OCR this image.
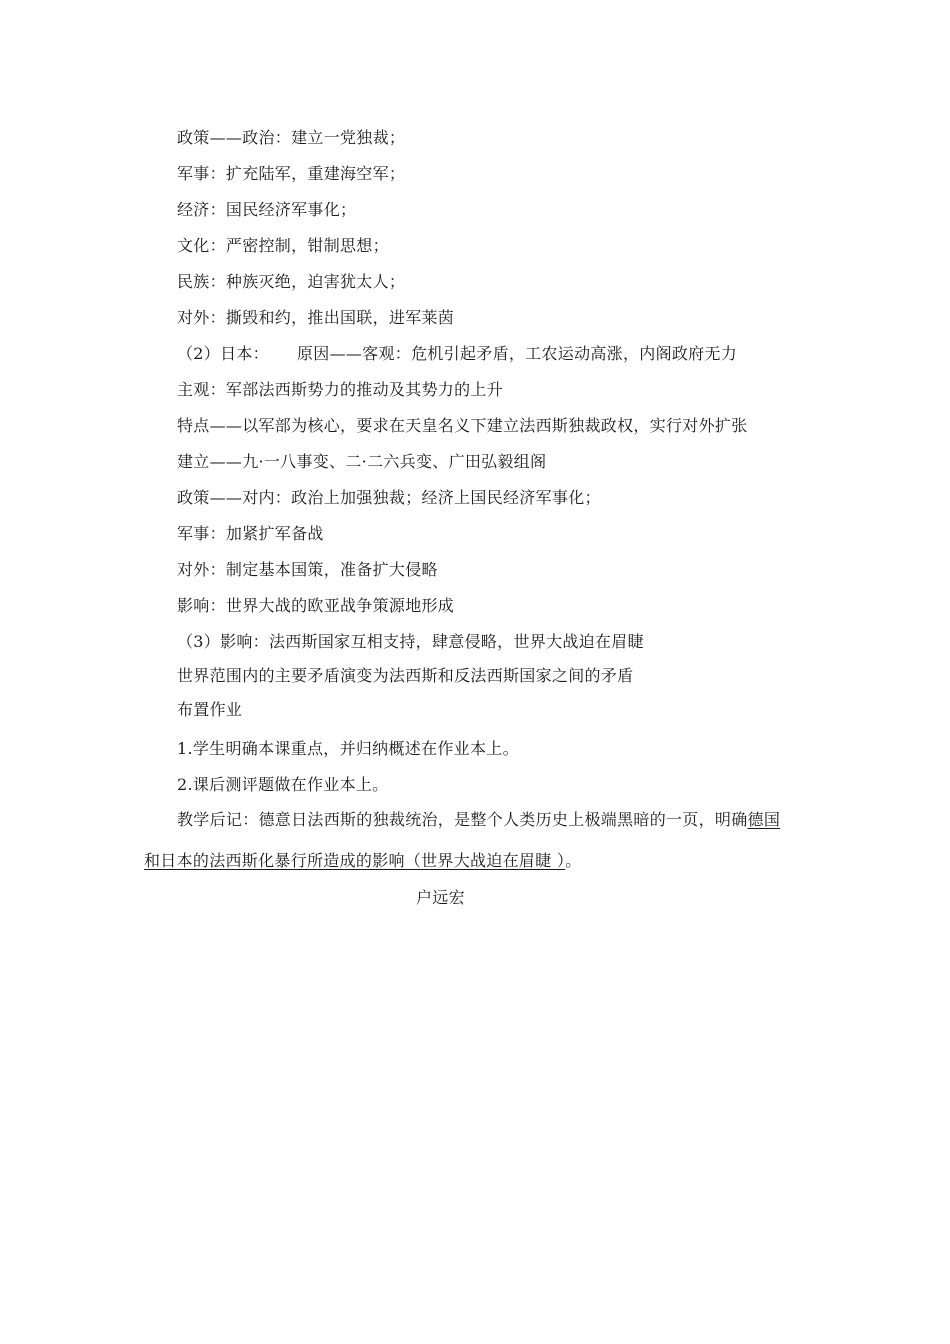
政策——政治：建立一党独裁；
军事：扩充陆军，重建海空军；
经济：国民经济军事化；
文化：严密控制，钳制思想；
民族：种族灭绝，迫害犹太人；
对外：撕毁和约，推出国联，进军莱茵
（2）日本： 原因——客观：危机引起矛盾，工农运动高涨，内阁政府无力
主观：军部法西斯势力的推动及其势力的上升
特点——以军部为核心，要求在天皇名义下建立法西斯独裁政权，实行对外扩张
建立——九·一八事变、二·二六兵变、广田弘毅组阁
政策——对内：政治上加强独裁；经济上国民经济军事化；
军事：加紧扩军备战
对外：制定基本国策，准备扩大侵略
影响：世界大战的欧亚战争策源地形成
（3）影响：法西斯国家互相支持，肆意侵略，世界大战迫在眉睫
世界范围内的主要矛盾演变为法西斯和反法西斯国家之间的矛盾
布置作业
1.学生明确本课重点，并归纳概述在作业本上。
2.课后测评题做在作业本上。
教学后记：德意日法西斯的独裁统治，是整个人类历史上极端黑暗的一页，明确德国
和日本的法西斯化暴行所造成的影响（世界大战迫在眉睫 ）。
户远宏
